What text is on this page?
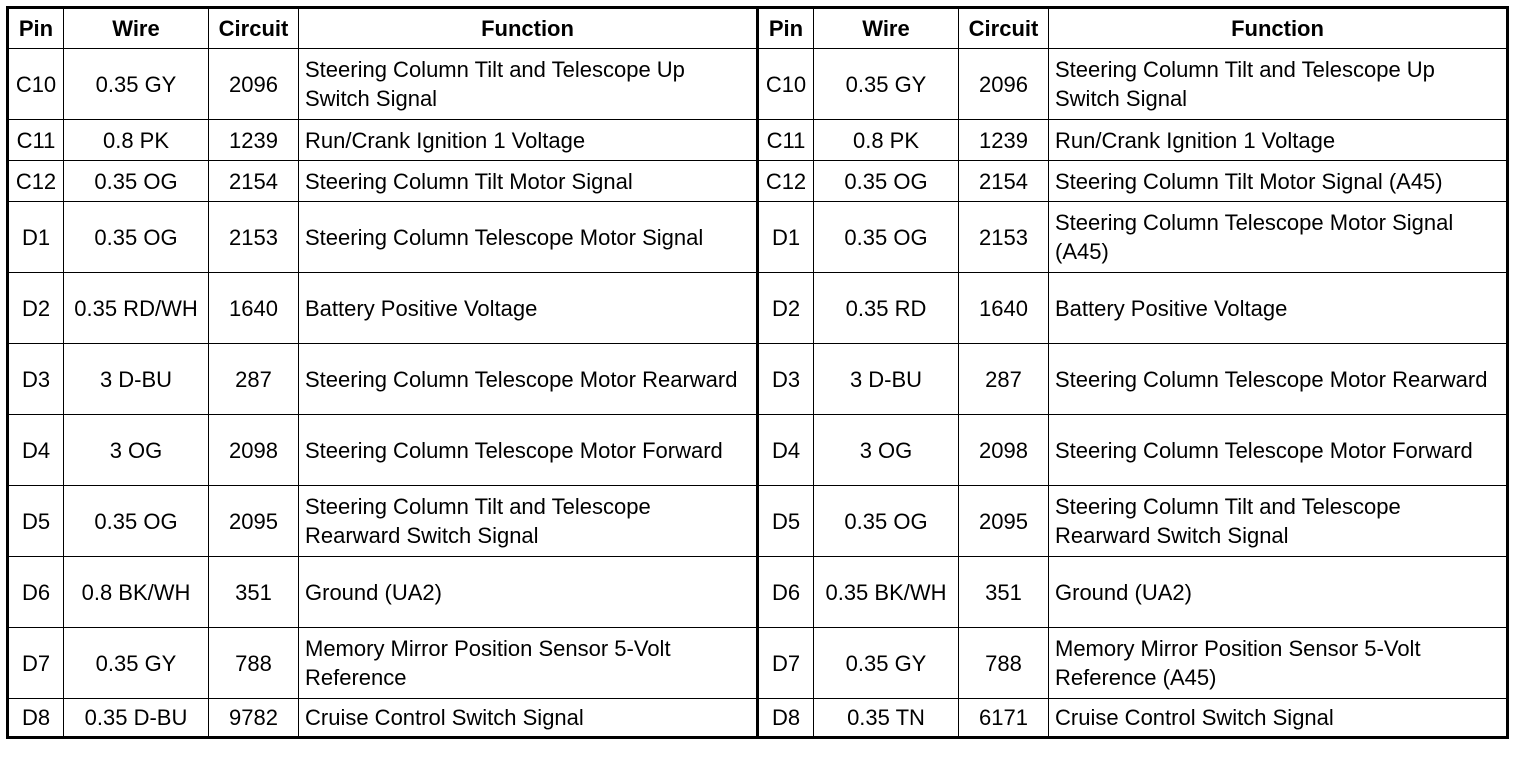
Pin	Wire	Circuit	Function	Pin	Wire	Circuit	Function
C10	0.35 GY	2096	Steering Column Tilt and Telescope Up Switch Signal	C10	0.35 GY	2096	Steering Column Tilt and Telescope Up Switch Signal
C11	0.8 PK	1239	Run/Crank Ignition 1 Voltage	C11	0.8 PK	1239	Run/Crank Ignition 1 Voltage
C12	0.35 OG	2154	Steering Column Tilt Motor Signal	C12	0.35 OG	2154	Steering Column Tilt Motor Signal (A45)
D1	0.35 OG	2153	Steering Column Telescope Motor Signal	D1	0.35 OG	2153	Steering Column Telescope Motor Signal (A45)
D2	0.35 RD/WH	1640	Battery Positive Voltage	D2	0.35 RD	1640	Battery Positive Voltage
D3	3 D-BU	287	Steering Column Telescope Motor Rearward	D3	3 D-BU	287	Steering Column Telescope Motor Rearward
D4	3 OG	2098	Steering Column Telescope Motor Forward	D4	3 OG	2098	Steering Column Telescope Motor Forward
D5	0.35 OG	2095	Steering Column Tilt and Telescope Rearward Switch Signal	D5	0.35 OG	2095	Steering Column Tilt and Telescope Rearward Switch Signal
D6	0.8 BK/WH	351	Ground (UA2)	D6	0.35 BK/WH	351	Ground (UA2)
D7	0.35 GY	788	Memory Mirror Position Sensor 5-Volt Reference	D7	0.35 GY	788	Memory Mirror Position Sensor 5-Volt Reference (A45)
D8	0.35 D-BU	9782	Cruise Control Switch Signal	D8	0.35 TN	6171	Cruise Control Switch Signal
